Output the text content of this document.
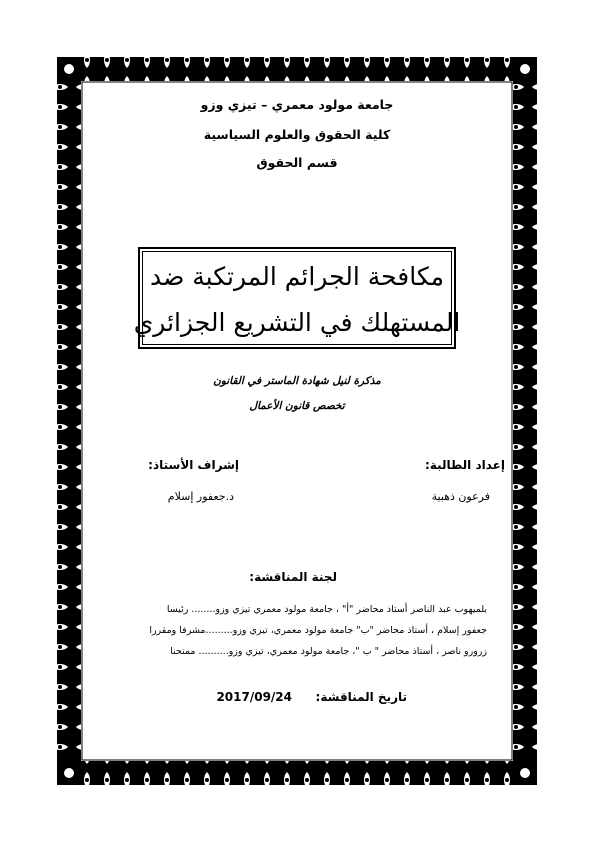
جامعة مولود معمري – تيزي وزو
كلية الحقوق والعلوم السياسية
قسم الحقوق
مكافحة الجرائم المرتكبة ضد
المستهلك في التشريع الجزائري
مذكرة لنيل شهادة الماستر في القانون
تخصص قانون الأعمال
إعداد الطالبة:
فرعون ذهبية
إشراف الأستاذ:
د.جعفور إسلام
لجنة المناقشة:
بلميهوب عبد الناصر أستاذ محاضر "أ" ، جامعة مولود معمري تيزي وزو........ رئيسا
جعفور إسلام ، أستاذ محاضر "ب" جامعة مولود معمري، تيزي وزو.........مشرفا ومقررا
زرورو ناصر ، أستاذ محاضر " ب "، جامعة مولود معمري، تيزي وزو.......... ممتحنا
تاريخ المناقشة:
2017/09/24
